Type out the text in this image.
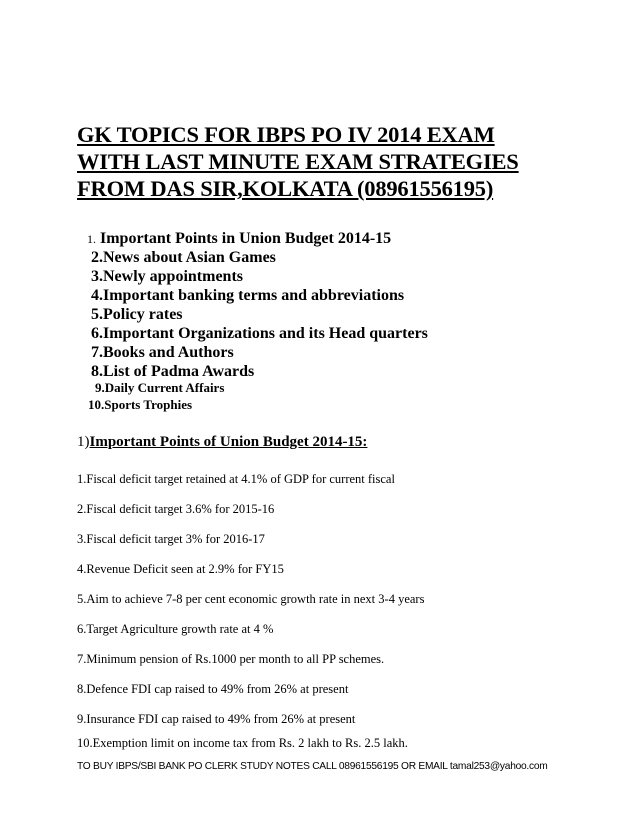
GK TOPICS FOR IBPS PO IV 2014 EXAM
WITH LAST MINUTE EXAM STRATEGIES
FROM DAS SIR,KOLKATA (08961556195)
1. Important Points in Union Budget 2014-15
2.News about Asian Games
3.Newly appointments
4.Important banking terms and abbreviations
5.Policy rates
6.Important Organizations and its Head quarters
7.Books and Authors
8.List of Padma Awards
9.Daily Current Affairs
10.Sports Trophies

1)Important Points of Union Budget 2014-15:

1.Fiscal deficit target retained at 4.1% of GDP for current fiscal
2.Fiscal deficit target 3.6% for 2015-16
3.Fiscal deficit target 3% for 2016-17
4.Revenue Deficit seen at 2.9% for FY15
5.Aim to achieve 7-8 per cent economic growth rate in next 3-4 years
6.Target Agriculture growth rate at 4 %
7.Minimum pension of Rs.1000 per month to all PP schemes.
8.Defence FDI cap raised to 49% from 26% at present
9.Insurance FDI cap raised to 49% from 26% at present
10.Exemption limit on income tax from Rs. 2 lakh to Rs. 2.5 lakh.
TO BUY IBPS/SBI BANK PO CLERK STUDY NOTES CALL 08961556195 OR EMAIL tamal253@yahoo.com
